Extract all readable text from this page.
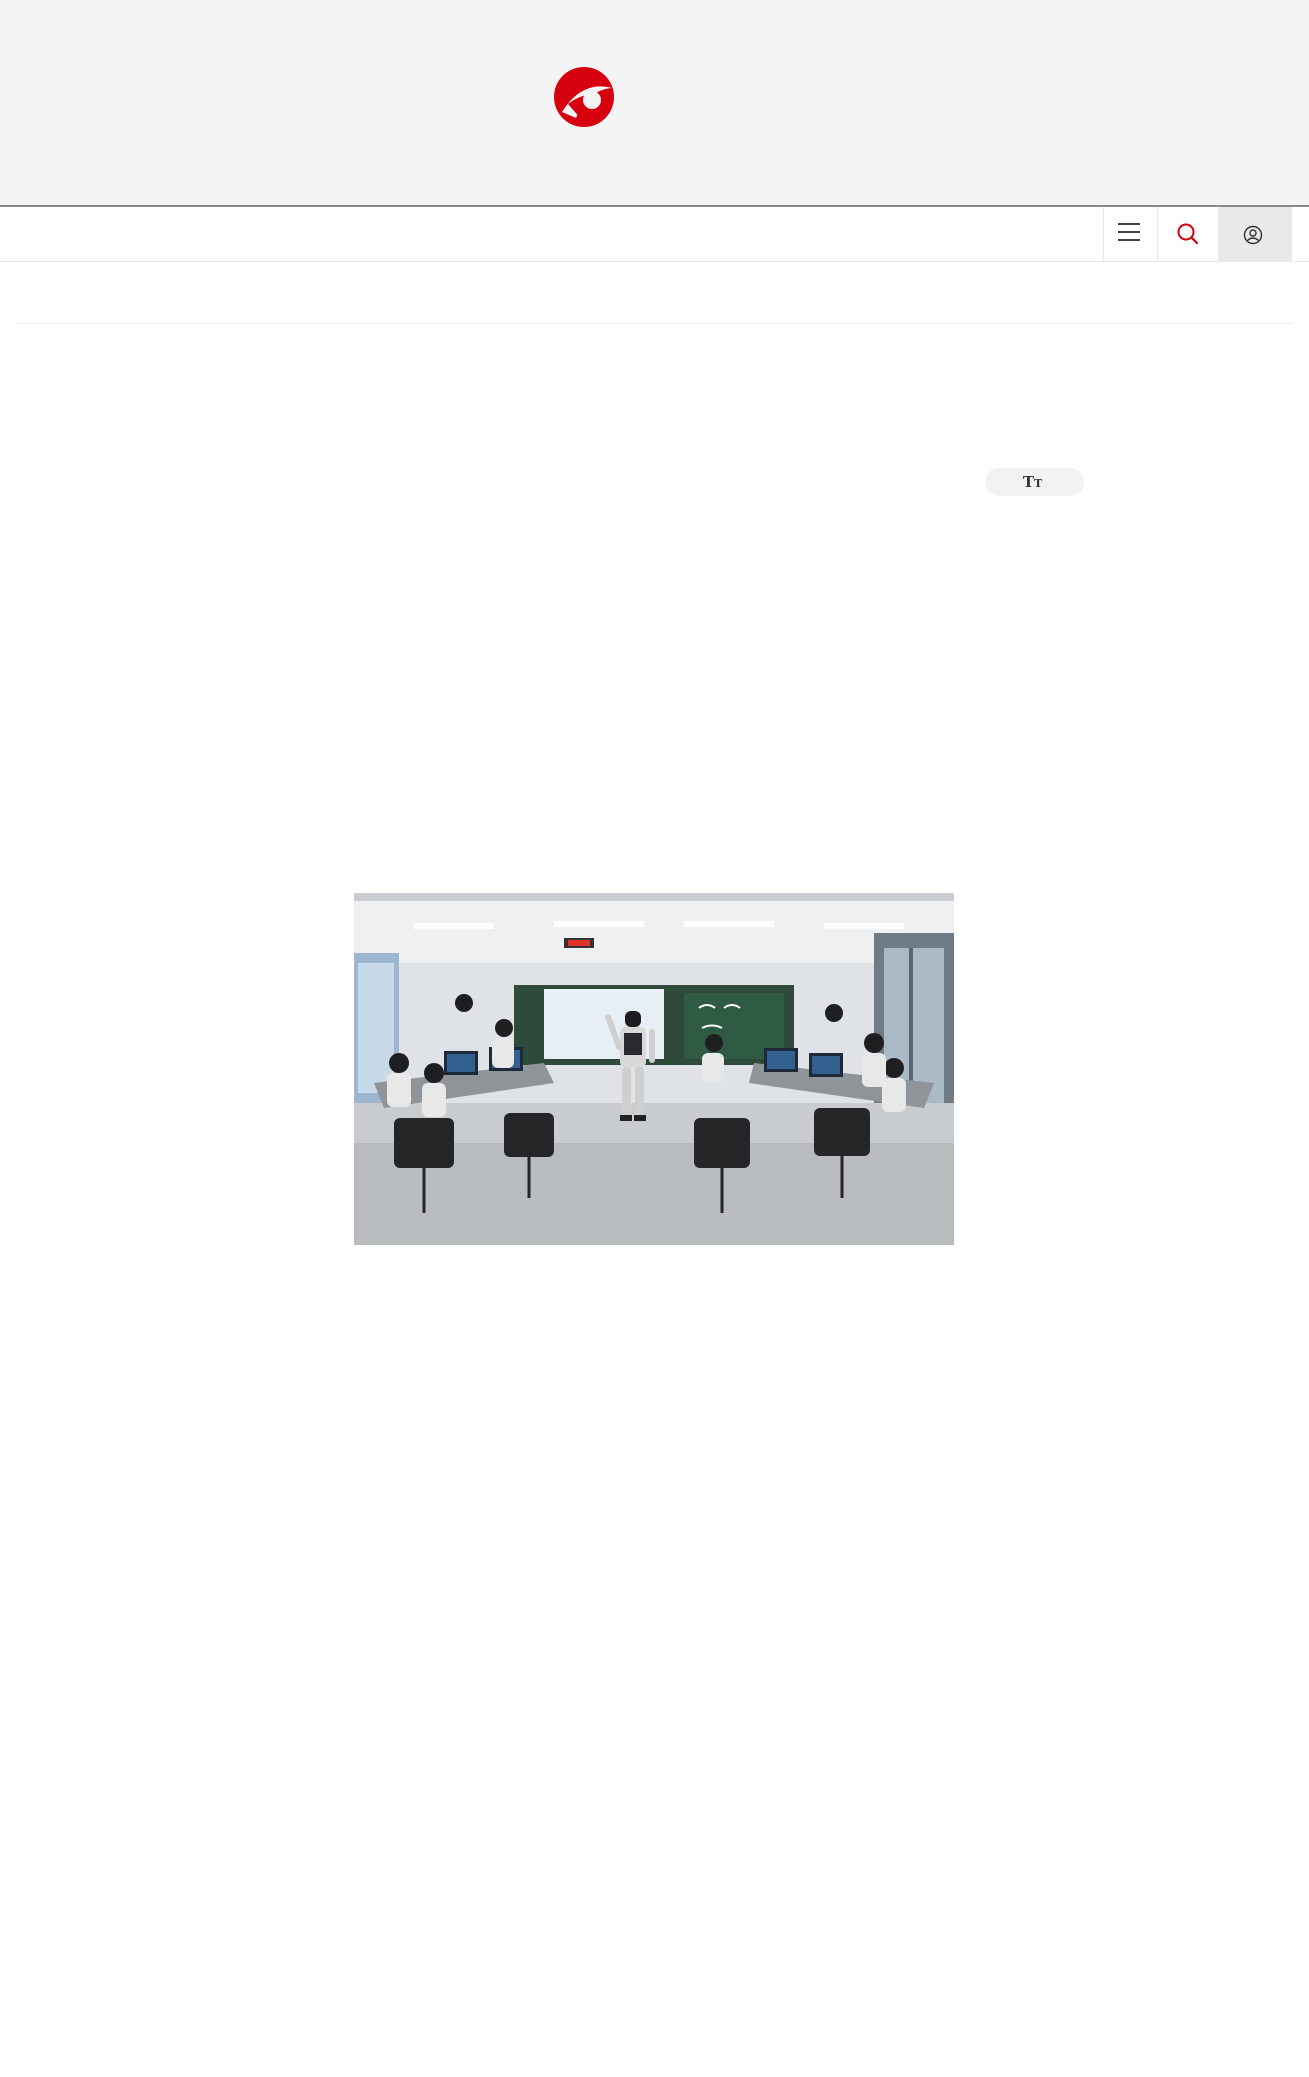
TT
